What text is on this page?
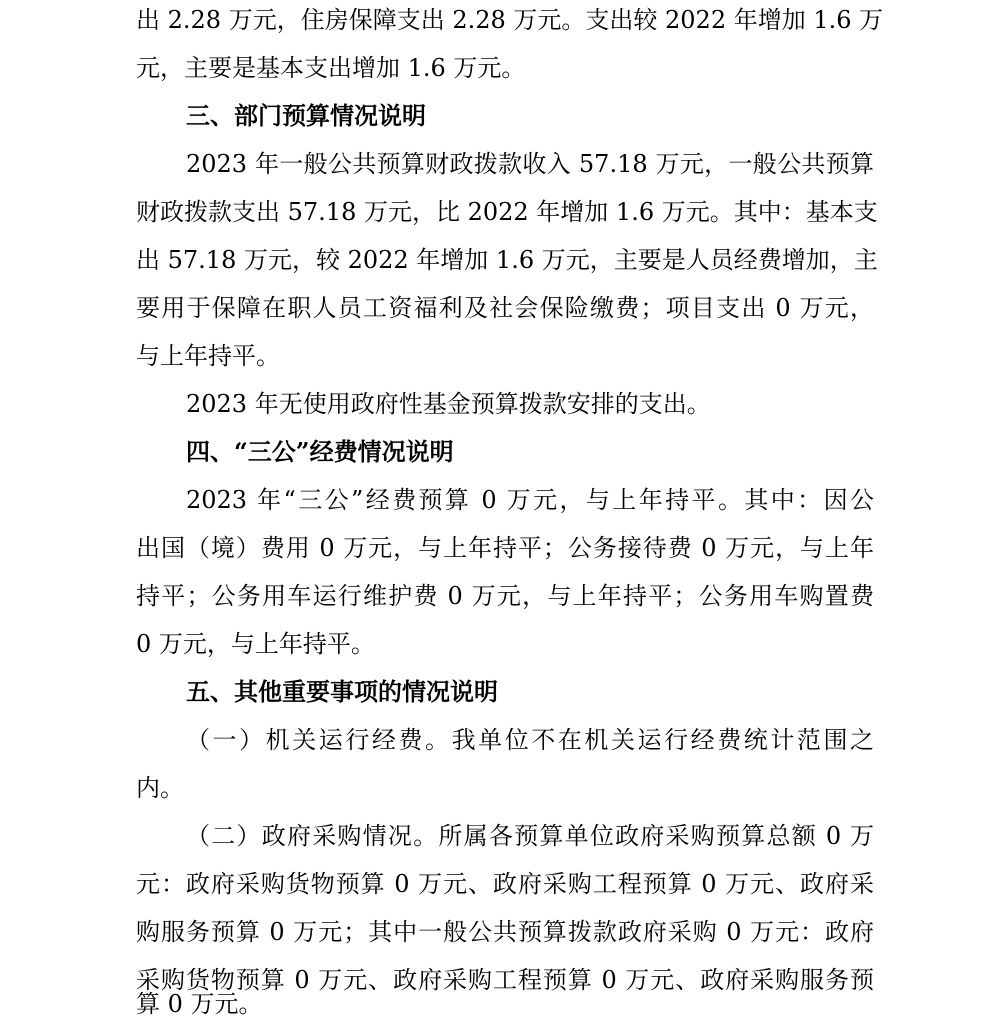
出 2.28 万元，住房保障支出 2.28 万元。支出较 2022 年增加 1.6 万
元，主要是基本支出增加 1.6 万元。
三、部门预算情况说明
2023 年一般公共预算财政拨款收入 57.18 万元，一般公共预算
财政拨款支出 57.18 万元，比 2022 年增加 1.6 万元。其中：基本支
出 57.18 万元，较 2022 年增加 1.6 万元，主要是人员经费增加，主
要用于保障在职人员工资福利及社会保险缴费；项目支出 0 万元，
与上年持平。
2023 年无使用政府性基金预算拨款安排的支出。
四、“三公”经费情况说明
2023 年“三公”经费预算 0 万元，与上年持平。其中：因公
出国（境）费用 0 万元，与上年持平；公务接待费 0 万元，与上年
持平；公务用车运行维护费 0 万元，与上年持平；公务用车购置费
0 万元，与上年持平。
五、其他重要事项的情况说明
（一）机关运行经费。我单位不在机关运行经费统计范围之
内。
（二）政府采购情况。所属各预算单位政府采购预算总额 0 万
元：政府采购货物预算 0 万元、政府采购工程预算 0 万元、政府采
购服务预算 0 万元；其中一般公共预算拨款政府采购 0 万元：政府
采购货物预算 0 万元、政府采购工程预算 0 万元、政府采购服务预
算 0 万元。
